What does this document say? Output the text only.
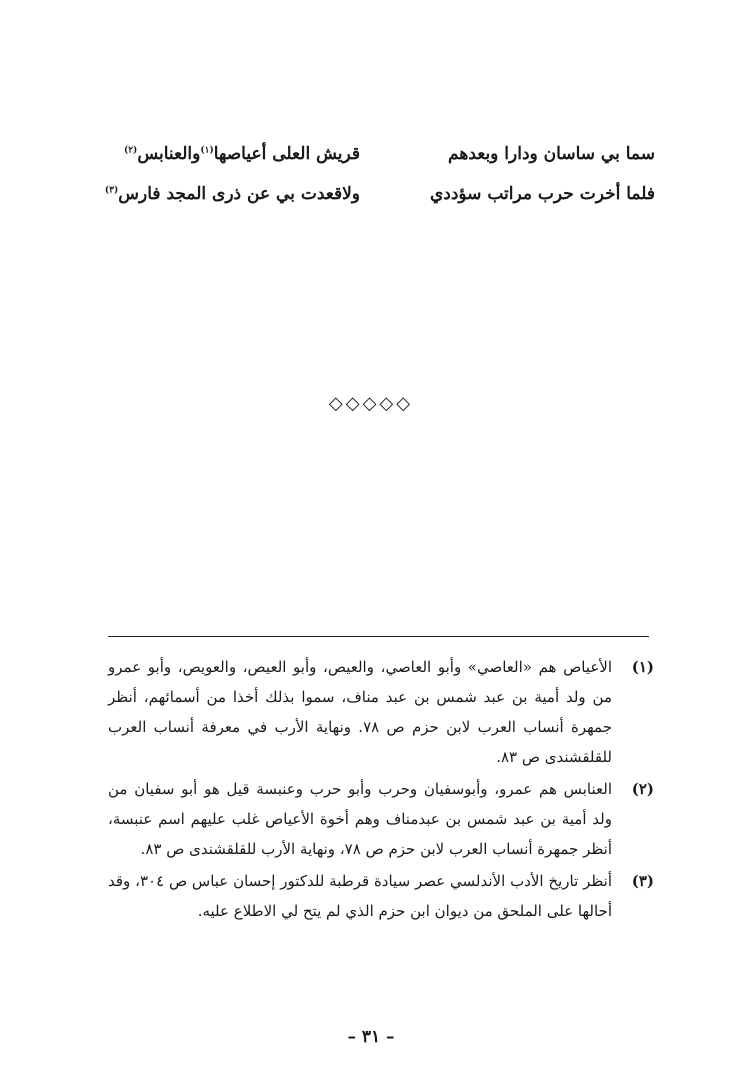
سما بي ساسان ودارا وبعدهم
قريش العلى أعياصها$^{(١)}$والعنابس$^{(٢)}$
فلما أخرت حرب مراتب سؤددي
ولاقعدت بي عن ذرى المجد فارس$^{(٣)}$
◇◇◇◇◇
(١)
الأعياص هم «العاصي» وأبو العاصي، والعيص، وأبو العيص، والعويص، وأبو عمرو من ولد أمية بن عبد شمس بن عبد مناف، سموا بذلك أخذا من أسمائهم، أنظر جمهرة أنساب العرب لابن حزم ص ٧٨. ونهاية الأرب في معرفة أنساب العرب للقلقشندى ص ٨٣.
(٢)
العنابس هم عمرو، وأبوسفيان وحرب وأبو حرب وعنبسة قيل هو أبو سفيان من ولد أمية بن عبد شمس بن عبدمناف وهم أخوة الأعياص غلب عليهم اسم عنبسة، أنظر جمهرة أنساب العرب لابن حزم ص ٧٨، ونهاية الأرب للقلقشندى ص ٨٣.
(٣)
أنظر تاريخ الأدب الأندلسي عصر سيادة قرطبة للدكتور إحسان عباس ص ٣٠٤، وقد أحالها على الملحق من ديوان ابن حزم الذي لم يتح لي الاطلاع عليه.
– ٣١ –
